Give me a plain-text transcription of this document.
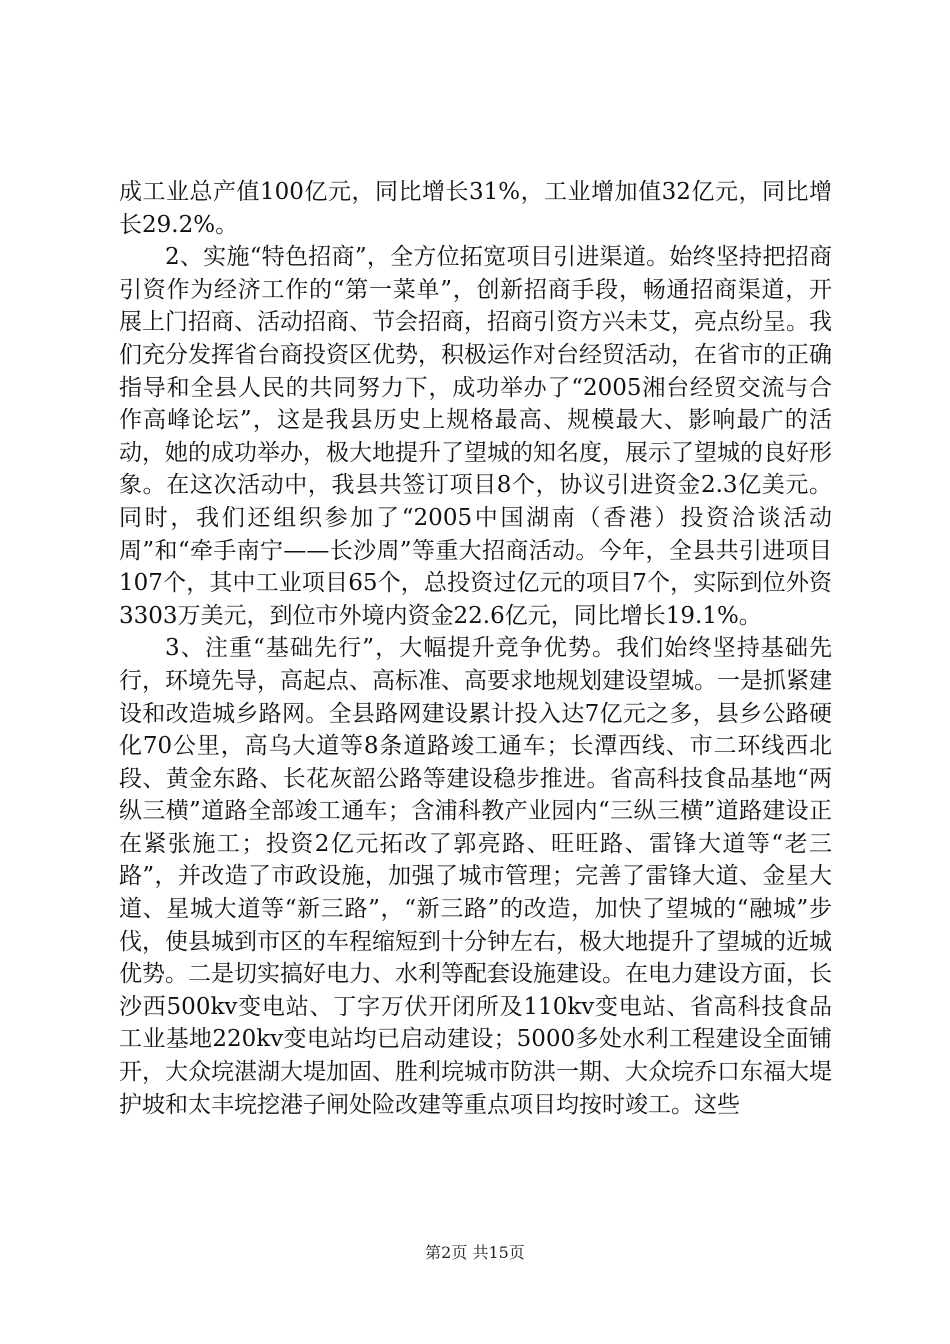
成工业总产值100亿元，同比增长31%，工业增加值32亿元，同比增长29.2%。

2、实施“特色招商”，全方位拓宽项目引进渠道。始终坚持把招商引资作为经济工作的“第一菜单”，创新招商手段，畅通招商渠道，开展上门招商、活动招商、节会招商，招商引资方兴未艾，亮点纷呈。我们充分发挥省台商投资区优势，积极运作对台经贸活动，在省市的正确指导和全县人民的共同努力下，成功举办了“2005湘台经贸交流与合作高峰论坛”，这是我县历史上规格最高、规模最大、影响最广的活动，她的成功举办，极大地提升了望城的知名度，展示了望城的良好形象。在这次活动中，我县共签订项目8个，协议引进资金2.3亿美元。同时，我们还组织参加了“2005中国湖南（香港）投资洽谈活动周”和“牵手南宁——长沙周”等重大招商活动。今年，全县共引进项目107个，其中工业项目65个，总投资过亿元的项目7个，实际到位外资3303万美元，到位市外境内资金22.6亿元，同比增长19.1%。

3、注重“基础先行”，大幅提升竞争优势。我们始终坚持基础先行，环境先导，高起点、高标准、高要求地规划建设望城。一是抓紧建设和改造城乡路网。全县路网建设累计投入达7亿元之多，县乡公路硬化70公里，高乌大道等8条道路竣工通车；长潭西线、市二环线西北段、黄金东路、长花灰韶公路等建设稳步推进。省高科技食品基地“两纵三横”道路全部竣工通车；含浦科教产业园内“三纵三横”道路建设正在紧张施工；投资2亿元拓改了郭亮路、旺旺路、雷锋大道等“老三路”，并改造了市政设施，加强了城市管理；完善了雷锋大道、金星大道、星城大道等“新三路”，“新三路”的改造，加快了望城的“融城”步伐，使县城到市区的车程缩短到十分钟左右，极大地提升了望城的近城优势。二是切实搞好电力、水利等配套设施建设。在电力建设方面，长沙西500kv变电站、丁字万伏开闭所及110kv变电站、省高科技食品工业基地220kv变电站均已启动建设；5000多处水利工程建设全面铺开，大众垸湛湖大堤加固、胜利垸城市防洪一期、大众垸乔口东福大堤护坡和太丰垸挖港子闸处险改建等重点项目均按时竣工。这些

第2页 共15页
